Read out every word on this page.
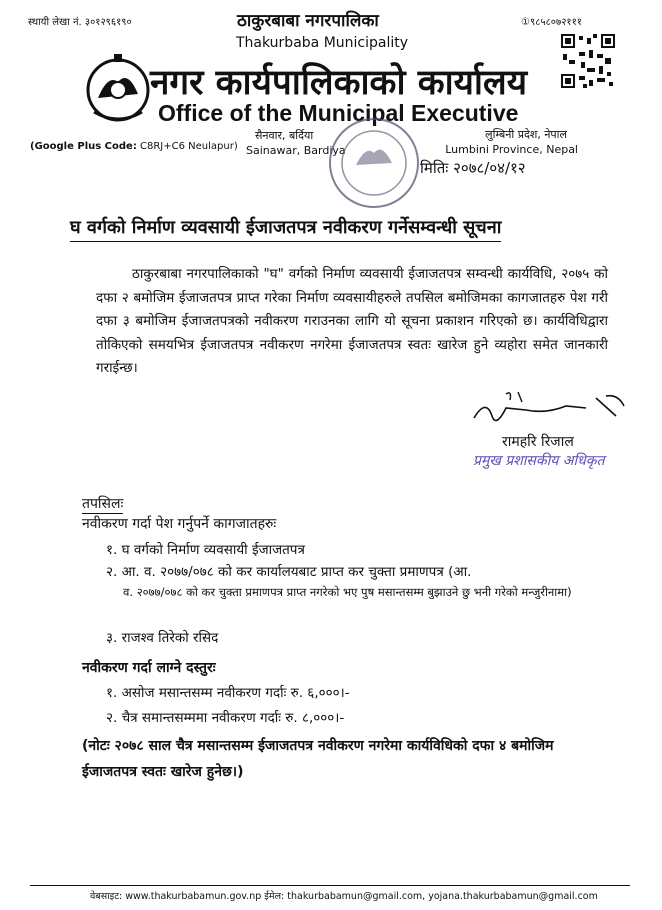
स्थायी लेखा नं. ३०१२९६१९०	①९८५८०७२१११
ठाकुरबाबा नगरपालिका
Thakurbaba Municipality
नगर कार्यपालिकाको कार्यालय
Office of the Municipal Executive
(Google Plus Code: C8RJ+C6 Neulapur)
सैनवार, बर्दिया
Sainawar, Bardiya
लुम्बिनी प्रदेश, नेपाल
Lumbini Province, Nepal
मितिः २०७८/०४/१२
घ वर्गको निर्माण व्यवसायी ईजाजतपत्र नवीकरण गर्नेसम्वन्धी सूचना
ठाकुरबाबा नगरपालिकाको "घ" वर्गको निर्माण व्यवसायी ईजाजतपत्र सम्वन्धी कार्यविधि, २०७५ को दफा २ बमोजिम ईजाजतपत्र प्राप्त गरेका निर्माण व्यवसायीहरुले तपसिल बमोजिमका कागजातहरु पेश गरी दफा ३ बमोजिम ईजाजतपत्रको नवीकरण गराउनका लागि यो सूचना प्रकाशन गरिएको छ। कार्यविधिद्वारा तोकिएको समयभित्र ईजाजतपत्र नवीकरण नगरेमा ईजाजतपत्र स्वतः खारेज हुने व्यहोरा समेत जानकारी गराईन्छ।
रामहरि रिजाल
प्रमुख प्रशासकीय अधिकृत
तपसिलः
नवीकरण गर्दा पेश गर्नुपर्ने कागजातहरुः
१. घ वर्गको निर्माण व्यवसायी ईजाजतपत्र
२. आ. व. २०७७/०७८ को कर कार्यालयबाट प्राप्त कर चुक्ता प्रमाणपत्र (आ.
व. २०७७/०७८ को कर चुक्ता प्रमाणपत्र प्राप्त नगरेको भए पुष मसान्तसम्म बुझाउने छु भनी गरेको मन्जुरीनामा)
३. राजश्व तिरेको रसिद
नवीकरण गर्दा लाग्ने दस्तुरः
१. असोज मसान्तसम्म नवीकरण गर्दाः रु. ६,०००।-
२. चैत्र समान्तसम्ममा नवीकरण गर्दाः रु. ८,०००।-
(नोटः २०७८ साल चैत्र मसान्तसम्म ईजाजतपत्र नवीकरण नगरेमा कार्यविधिको दफा ४ बमोजिम ईजाजतपत्र स्वतः खारेज हुनेछ।)
वेबसाइट: www.thakurbabamun.gov.np ईमेल: thakurbabamun@gmail.com, yojana.thakurbabamun@gmail.com
